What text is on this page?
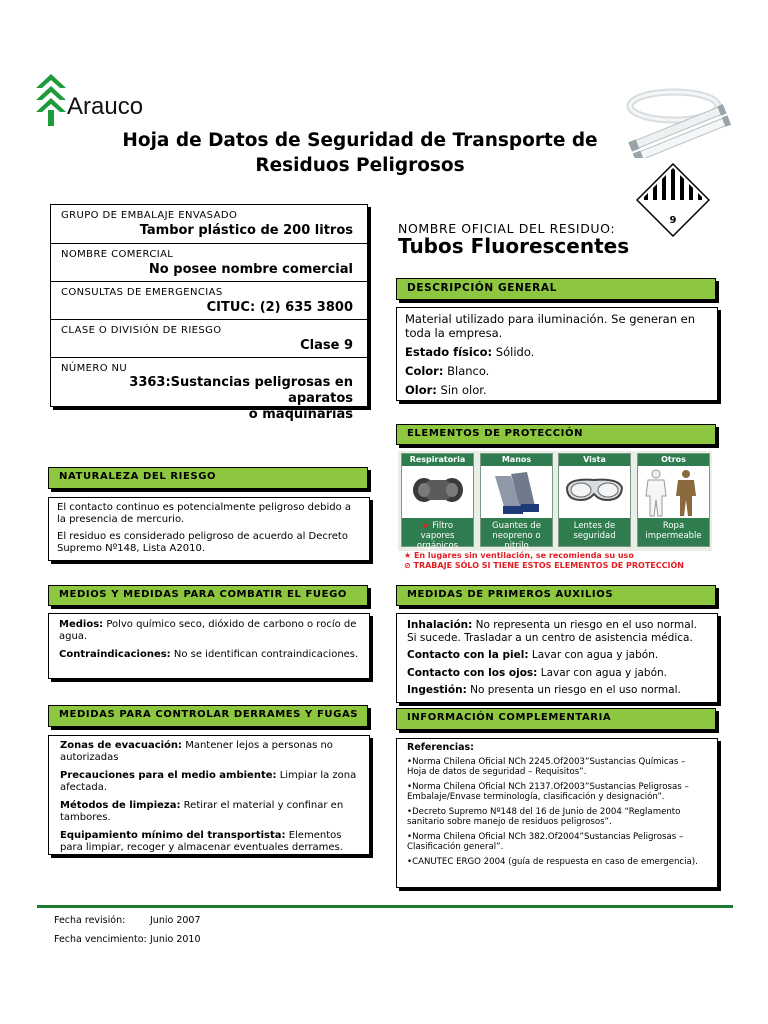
Arauco
Hoja de Datos de Seguridad de Transporte de
Residuos Peligrosos
9
GRUPO DE EMBALAJE ENVASADO
Tambor plástico de 200 litros
NOMBRE COMERCIAL
No posee nombre comercial
CONSULTAS DE EMERGENCIAS
CITUC: (2) 635 3800
CLASE O DIVISIÓN DE RIESGO
Clase 9
NÚMERO NU
3363:Sustancias peligrosas en aparatos
o maquinarias
NOMBRE OFICIAL DEL RESIDUO:
Tubos Fluorescentes
DESCRIPCIÓN GENERAL

Material utilizado para iluminación. Se generan en toda la empresa.

Estado físico: Sólido.

Color: Blanco.

Olor: Sin olor.

ELEMENTOS DE PROTECCIÓN
Respiratoria
★ Filtro
vapores
orgánicos
Manos
Guantes de
neopreno o
nitrilo
Vista
Lentes de
seguridad
Otros
Ropa
impermeable
★ En lugares sin ventilación, se recomienda su uso
⊘ TRABAJE SÓLO SI TIENE ESTOS ELEMENTOS DE PROTECCIÓN
NATURALEZA DEL RIESGO

El contacto continuo es potencialmente peligroso debido a la presencia de mercurio.

El residuo es considerado peligroso de acuerdo al Decreto Supremo Nº148, Lista A2010.

MEDIOS Y MEDIDAS PARA COMBATIR EL FUEGO

Medios: Polvo químico seco, dióxido de carbono o rocío de agua.

Contraindicaciones: No se identifican contraindicaciones.

MEDIDAS DE PRIMEROS AUXILIOS

Inhalación: No representa un riesgo en el uso normal. Si sucede. Trasladar a un centro de asistencia médica.

Contacto con la piel: Lavar con agua y jabón.

Contacto con los ojos: Lavar con agua y jabón.

Ingestión: No presenta un riesgo en el uso normal.

MEDIDAS PARA CONTROLAR DERRAMES Y FUGAS

Zonas de evacuación: Mantener lejos a personas no autorizadas

Precauciones para el medio ambiente: Limpiar la zona afectada.

Métodos de limpieza: Retirar el material y confinar en tambores.

Equipamiento mínimo del transportista: Elementos para limpiar, recoger y almacenar eventuales derrames.

INFORMACIÓN COMPLEMENTARIA

Referencias:

•Norma Chilena Oficial NCh 2245.Of2003”Sustancias Químicas – Hoja de datos de seguridad – Requisitos”.

•Norma Chilena Oficial NCh 2137.Of2003”Sustancias Peligrosas – Embalaje/Envase terminología, clasificación y designación”.

•Decreto Supremo Nº148 del 16 de Junio de 2004 “Reglamento sanitario sobre manejo de residuos peligrosos”.

•Norma Chilena Oficial NCh 382.Of2004”Sustancias Peligrosas – Clasificación general”.

•CANUTEC ERGO 2004 (guía de respuesta en caso de emergencia).

Fecha revisión:	Junio 2007
Fecha vencimiento: Junio 2010
